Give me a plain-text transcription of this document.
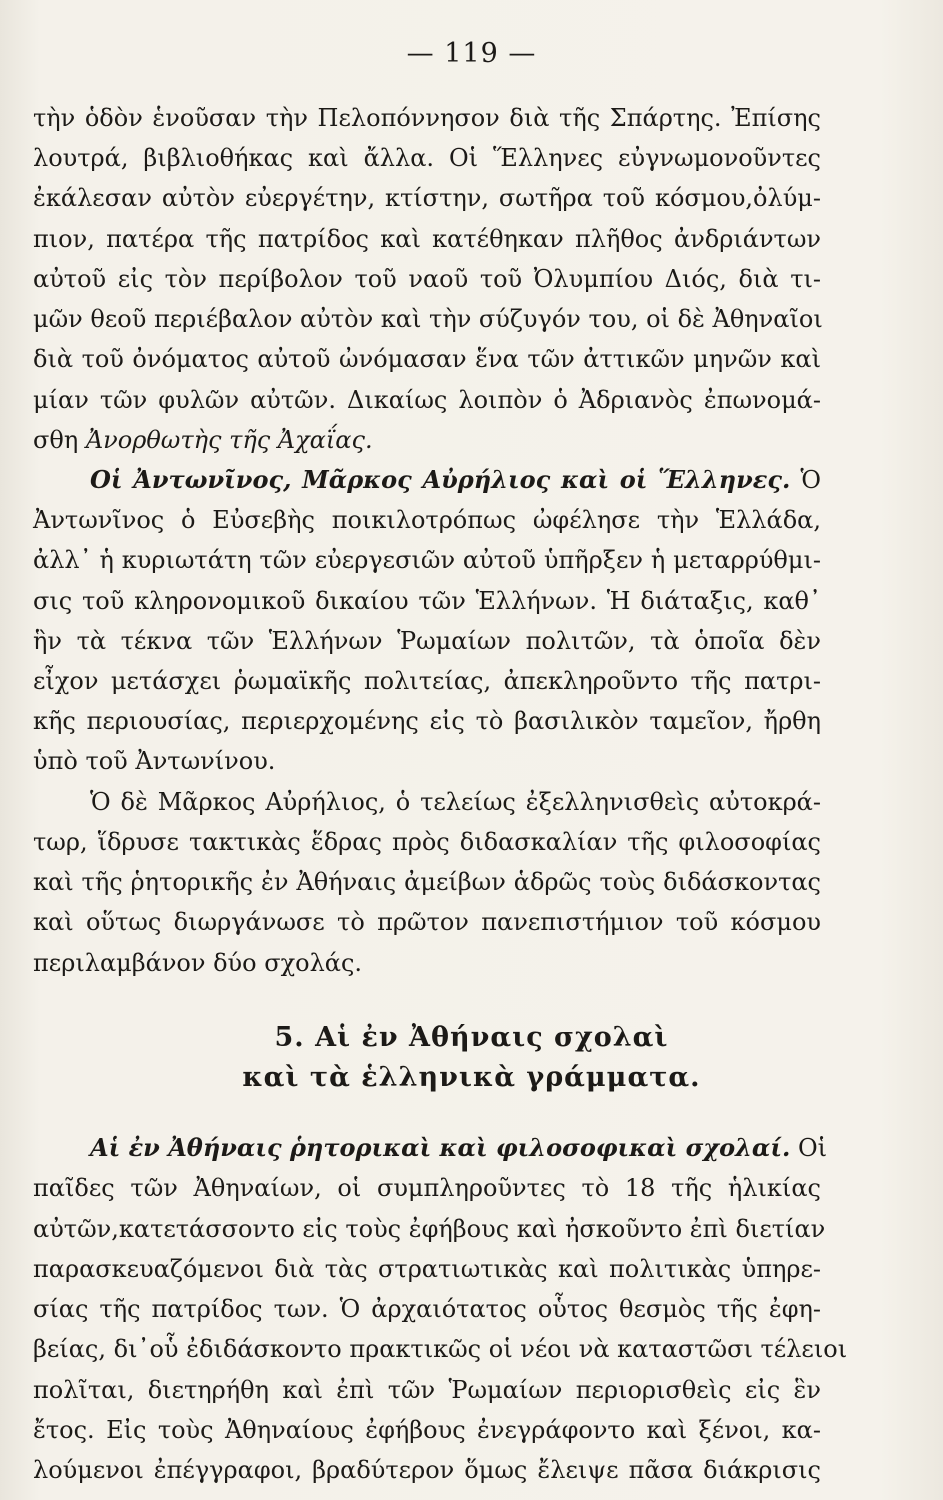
— 119 —
τὴν ὁδὸν ἑνοῦσαν τὴν Πελοπόννησον διὰ τῆς Σπάρτης. Ἐπίσης
λουτρά, βιβλιοθήκας καὶ ἄλλα. Οἱ Ἕλληνες εὐγνωμονοῦντες
ἐκάλεσαν αὐτὸν εὐεργέτην, κτίστην, σωτῆρα τοῦ κόσμου,ὀλύμ-
πιον, πατέρα τῆς πατρίδος καὶ κατέθηκαν πλῆθος ἀνδριάντων
αὐτοῦ εἰς τὸν περίβολον τοῦ ναοῦ τοῦ Ὀλυμπίου Διός, διὰ τι-
μῶν θεοῦ περιέβαλον αὐτὸν καὶ τὴν σύζυγόν του, οἱ δὲ Ἀθηναῖοι
διὰ τοῦ ὀνόματος αὐτοῦ ὠνόμασαν ἕνα τῶν ἀττικῶν μηνῶν καὶ
μίαν τῶν φυλῶν αὐτῶν. Δικαίως λοιπὸν ὁ Ἀδριανὸς ἐπωνομά-
σθη Ἀνορθωτὴς τῆς Ἀχαΐας.
Οἱ Ἀντωνῖνος, Μᾶρκος Αὐρήλιος καὶ οἱ Ἕλληνες. Ὁ
Ἀντωνῖνος ὁ Εὐσεβὴς ποικιλοτρόπως ὠφέλησε τὴν Ἑλλάδα,
ἀλλ᾽ ἡ κυριωτάτη τῶν εὐεργεσιῶν αὐτοῦ ὑπῆρξεν ἡ μεταρρύθμι-
σις τοῦ κληρονομικοῦ δικαίου τῶν Ἑλλήνων. Ἡ διάταξις, καθ᾽
ἣν τὰ τέκνα τῶν Ἑλλήνων Ῥωμαίων πολιτῶν, τὰ ὁποῖα δὲν
εἶχον μετάσχει ῥωμαϊκῆς πολιτείας, ἀπεκληροῦντο τῆς πατρι-
κῆς περιουσίας, περιερχομένης εἰς τὸ βασιλικὸν ταμεῖον, ἤρθη
ὑπὸ τοῦ Ἀντωνίνου.
Ὁ δὲ Μᾶρκος Αὐρήλιος, ὁ τελείως ἐξελληνισθεὶς αὐτοκρά-
τωρ, ἵδρυσε τακτικὰς ἕδρας πρὸς διδασκαλίαν τῆς φιλοσοφίας
καὶ τῆς ῥητορικῆς ἐν Ἀθήναις ἀμείβων ἁδρῶς τοὺς διδάσκοντας
καὶ οὕτως διωργάνωσε τὸ πρῶτον πανεπιστήμιον τοῦ κόσμου
περιλαμβάνον δύο σχολάς.
5. Αἱ ἐν Ἀθήναις σχολαὶ
καὶ τὰ ἑλληνικὰ γράμματα.
Αἱ ἐν Ἀθήναις ῥητορικαὶ καὶ φιλοσοφικαὶ σχολαί. Οἱ
παῖδες τῶν Ἀθηναίων, οἱ συμπληροῦντες τὸ 18 τῆς ἡλικίας
αὐτῶν,κατετάσσοντο εἰς τοὺς ἐφήβους καὶ ἠσκοῦντο ἐπὶ διετίαν
παρασκευαζόμενοι διὰ τὰς στρατιωτικὰς καὶ πολιτικὰς ὑπηρε-
σίας τῆς πατρίδος των. Ὁ ἀρχαιότατος οὗτος θεσμὸς τῆς ἐφη-
βείας, δι᾽οὗ ἐδιδάσκοντο πρακτικῶς οἱ νέοι νὰ καταστῶσι τέλειοι
πολῖται, διετηρήθη καὶ ἐπὶ τῶν Ῥωμαίων περιορισθεὶς εἰς ἓν
ἔτος. Εἰς τοὺς Ἀθηναίους ἐφήβους ἐνεγράφοντο καὶ ξένοι, κα-
λούμενοι ἐπέγγραφοι, βραδύτερον ὅμως ἔλειψε πᾶσα διάκρισις
